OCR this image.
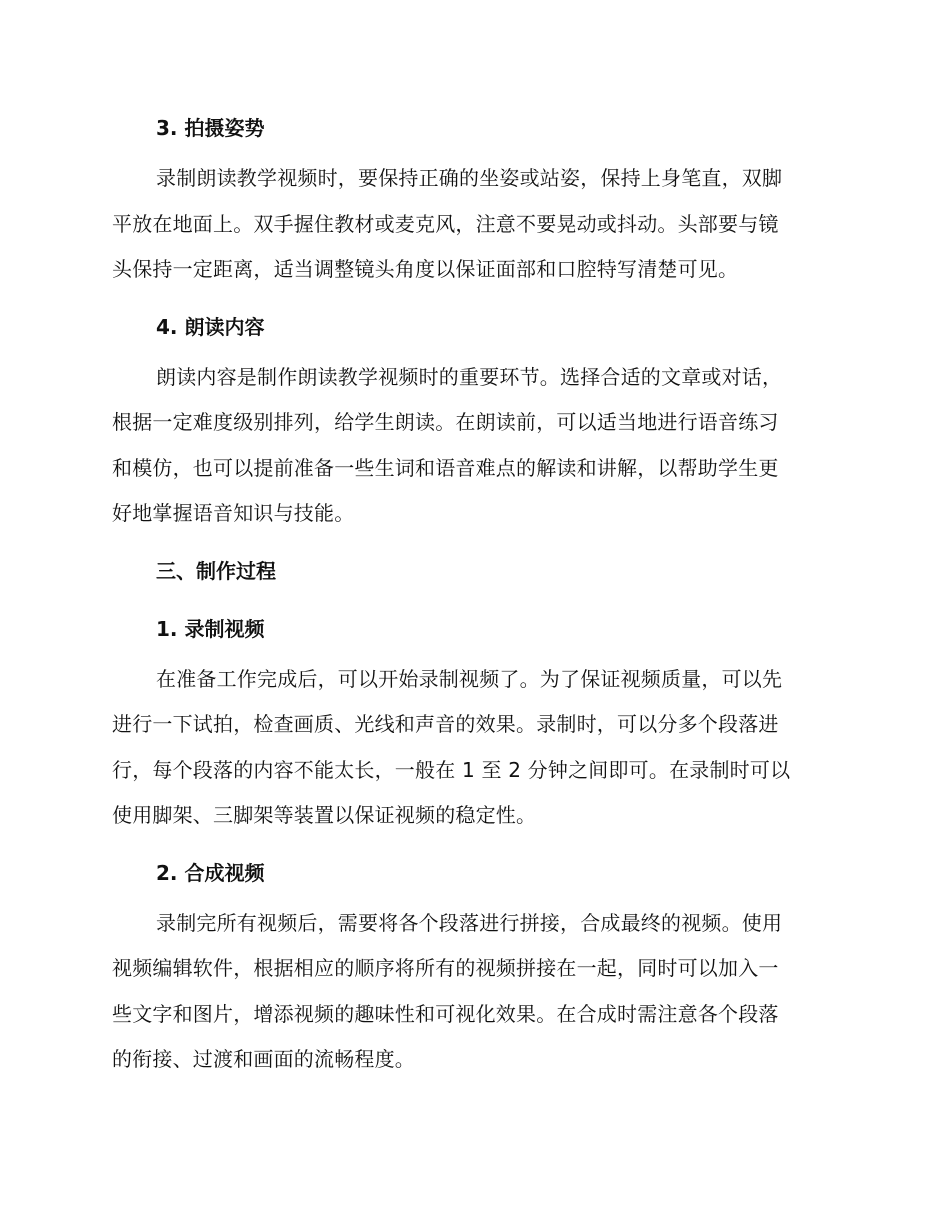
3. 拍摄姿势

录制朗读教学视频时，要保持正确的坐姿或站姿，保持上身笔直，双脚
平放在地面上。双手握住教材或麦克风，注意不要晃动或抖动。头部要与镜
头保持一定距离，适当调整镜头角度以保证面部和口腔特写清楚可见。

4. 朗读内容

朗读内容是制作朗读教学视频时的重要环节。选择合适的文章或对话，
根据一定难度级别排列，给学生朗读。在朗读前，可以适当地进行语音练习
和模仿，也可以提前准备一些生词和语音难点的解读和讲解，以帮助学生更
好地掌握语音知识与技能。

三、制作过程
1. 录制视频

在准备工作完成后，可以开始录制视频了。为了保证视频质量，可以先
进行一下试拍，检查画质、光线和声音的效果。录制时，可以分多个段落进
行，每个段落的内容不能太长，一般在 1 至 2 分钟之间即可。在录制时可以
使用脚架、三脚架等装置以保证视频的稳定性。

2. 合成视频

录制完所有视频后，需要将各个段落进行拼接，合成最终的视频。使用
视频编辑软件，根据相应的顺序将所有的视频拼接在一起，同时可以加入一
些文字和图片，增添视频的趣味性和可视化效果。在合成时需注意各个段落
的衔接、过渡和画面的流畅程度。
